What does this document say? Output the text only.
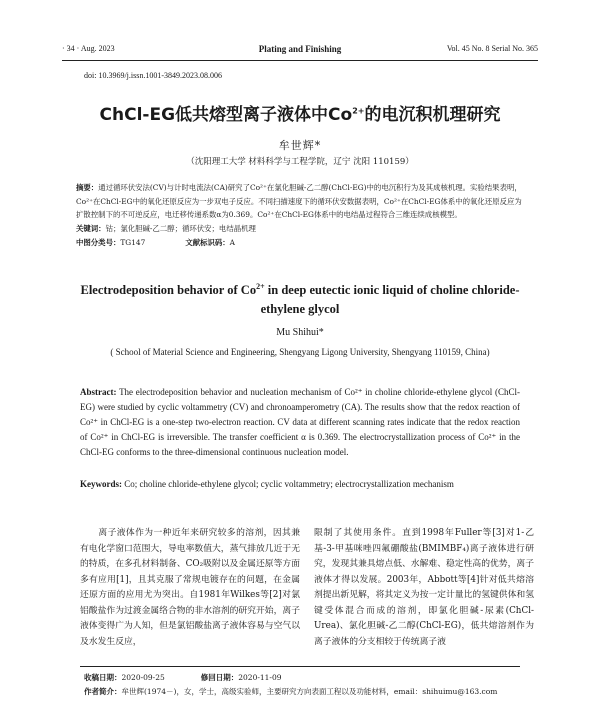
· 34 · Aug. 2023	Plating and Finishing	Vol. 45 No. 8 Serial No. 365
doi: 10.3969/j.issn.1001-3849.2023.08.006
ChCl-EG低共熔型离子液体中$Co^{2+}$的电沉积机理研究
牟世辉*
（沈阳理工大学 材料科学与工程学院，辽宁 沈阳 110159）
摘要：通过循环伏安法(CV)与计时电流法(CA)研究了Co²⁺在氯化胆碱-乙二醇(ChCl-EG)中的电沉积行为及其成核机理。实验结果表明，Co²⁺在ChCl-EG中的氧化还原反应为一步双电子反应。不同扫描速度下的循环伏安数据表明，Co²⁺在ChCl-EG体系中的氧化还原反应为扩散控制下的不可逆反应，电迁移传递系数α为0.369。Co²⁺在ChCl-EG体系中的电结晶过程符合三维连续成核模型。
关键词：钴；氯化胆碱-乙二醇；循环伏安；电结晶机理
中图分类号：TG147	文献标识码：A
Electrodeposition behavior of $Co^{2+}$ in deep eutectic ionic liquid of choline chloride-ethylene glycol
Mu Shihui*
( School of Material Science and Engineering, Shengyang Ligong University, Shengyang 110159, China)
Abstract: The electrodeposition behavior and nucleation mechanism of Co²⁺ in choline chloride-ethylene glycol (ChCl-EG) were studied by cyclic voltammetry (CV) and chronoamperometry (CA). The results show that the redox reaction of Co²⁺ in ChCl-EG is a one-step two-electron reaction. CV data at different scanning rates indicate that the redox reaction of Co²⁺ in ChCl-EG is irreversible. The transfer coefficient α is 0.369. The electrocrystallization process of Co²⁺ in the ChCl-EG conforms to the three-dimensional continuous nucleation model.
Keywords: Co; choline chloride-ethylene glycol; cyclic voltammetry; electrocrystallization mechanism
离子液体作为一种近年来研究较多的溶剂，因其兼有电化学窗口范围大，导电率数值大，蒸气排放几近于无的特质，在多孔材料制备、CO₂吸附以及金属还原等方面多有应用[1]，且其克服了常规电镀存在的问题，在金属还原方面的应用尤为突出。自1981年Wilkes等[2]对氯铝酸盐作为过渡金属络合物的非水溶剂的研究开始，离子液体变得广为人知，但是氯铝酸盐离子液体容易与空气以及水发生反应，
限制了其使用条件。直到1998年Fuller等[3]对1-乙基-3-甲基咪唑四氟硼酸盐(BMIMBF₄)离子液体进行研究，发现其兼具熔点低、水解难、稳定性高的优势，离子液体才得以发展。2003年，Abbott等[4]针对低共熔溶剂提出新见解，将其定义为按一定计量比的氢键供体和氢键受体混合而成的溶剂，即氯化胆碱-尿素(ChCl-Urea)、氯化胆碱-乙二醇(ChCl-EG)，低共熔溶剂作为离子液体的分支相较于传统离子液
收稿日期：2020-09-25	修回日期：2020-11-09
作者简介：牟世辉(1974－)，女，学士，高级实验师，主要研究方向表面工程以及功能材料，email：shihuimu@163.com
